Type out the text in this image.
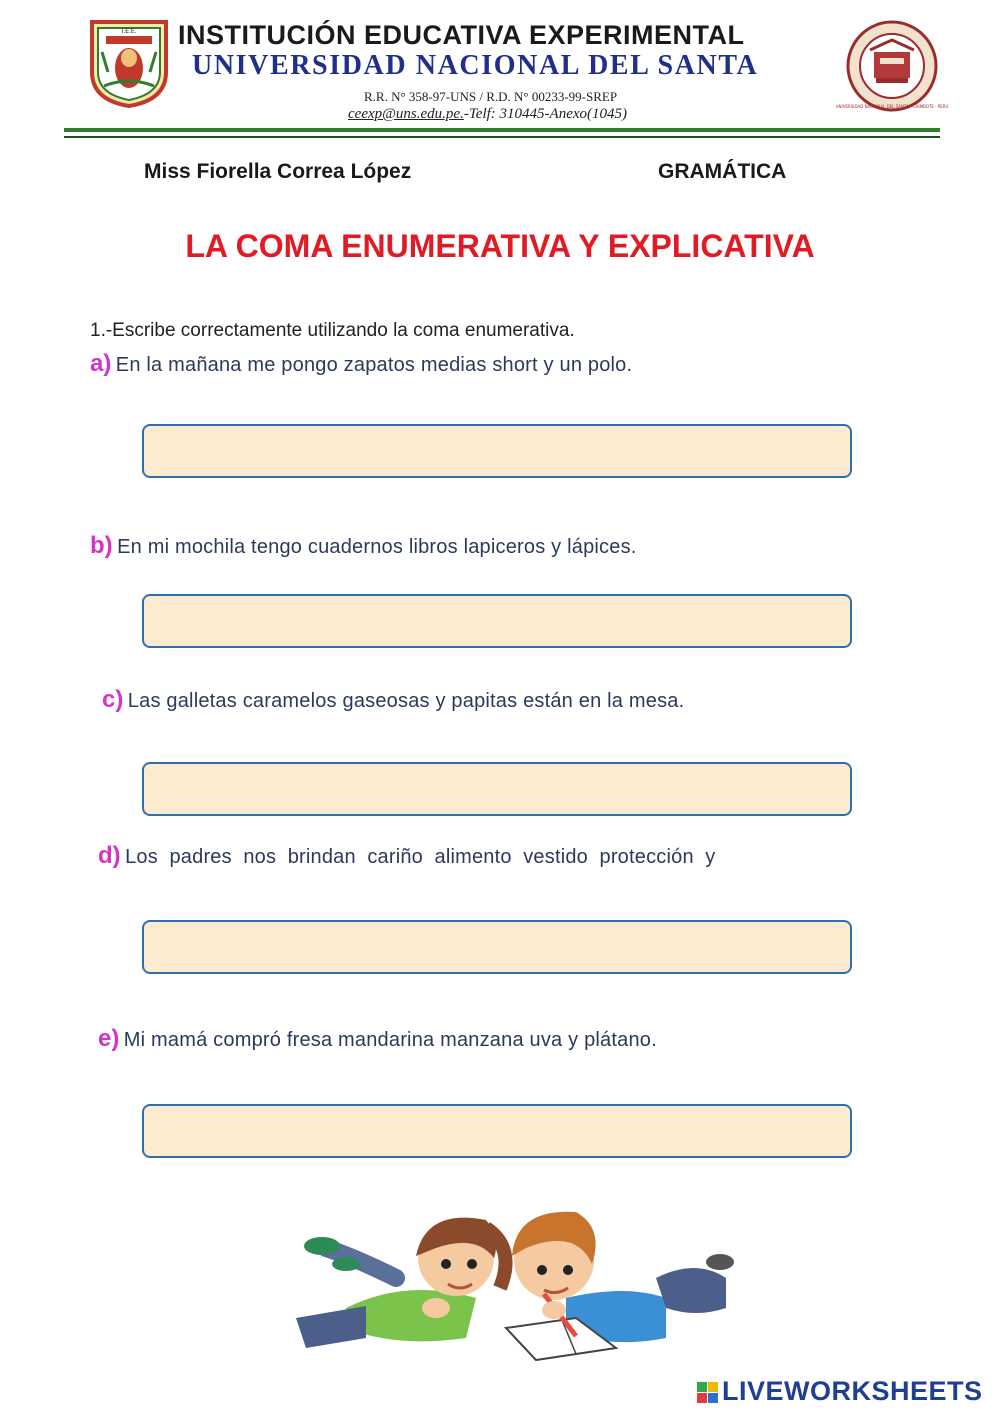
I.E.E. INSTITUCIÓN EDUCATIVA EXPERIMENTAL
UNIVERSIDAD NACIONAL DEL SANTA
R.R. N° 358-97-UNS / R.D. N° 00233-99-SREP
ceexp@uns.edu.pe.-Telf: 310445-Anexo(1045)	UNIVERSIDAD NACIONAL DEL SANTA · CHIMBOTE · PERÚ
Miss Fiorella Correa López	GRAMÁTICA
LA COMA ENUMERATIVA Y EXPLICATIVA
1.-Escribe correctamente utilizando la coma enumerativa.
a) En la mañana me pongo zapatos medias short y un polo.
b) En mi mochila tengo cuadernos libros lapiceros y lápices.
c) Las galletas caramelos gaseosas y papitas están en la mesa.
d) Los  padres  nos  brindan  cariño  alimento  vestido  protección  y
e) Mi mamá compró fresa mandarina manzana uva y plátano.
LIVEWORKSHEETS
